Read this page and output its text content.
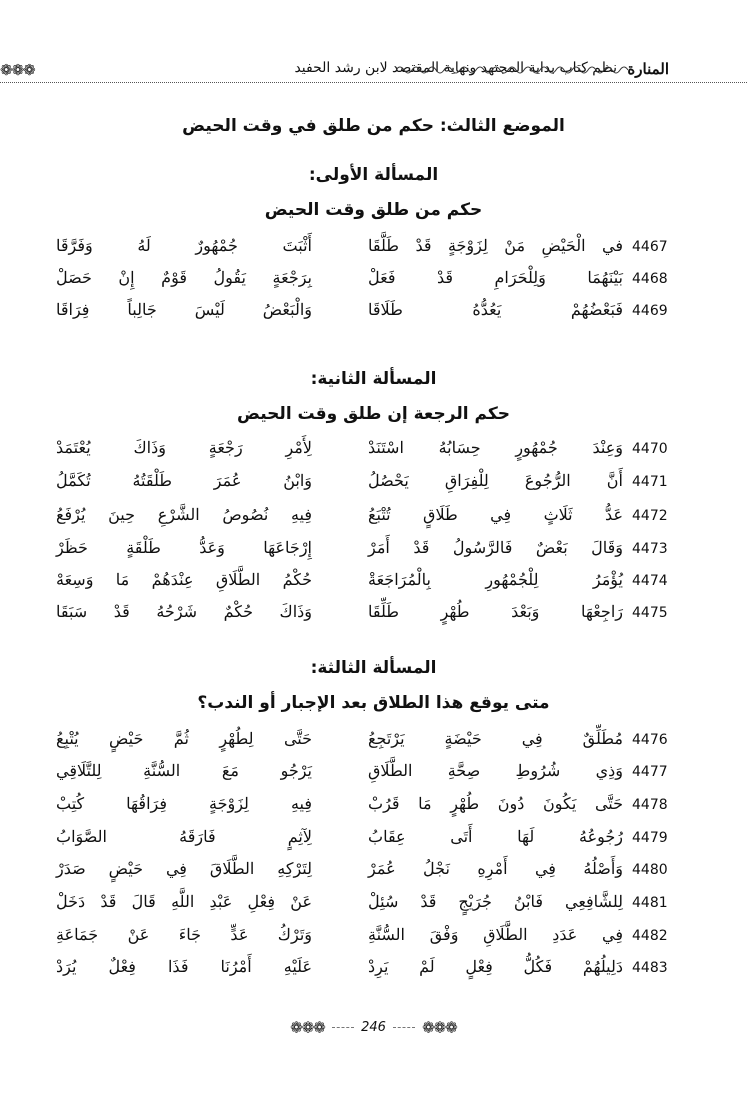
المنارة
نظم كتاب بداية المجتهد ونهاية المقتصد لابن رشد الحفيد
❁❁❁
الموضع الثالث: حكم من طلق في وقت الحيض
المسألة الأولى:
حكم من طلق وقت الحيض
4467
في الْحَيْضِ مَنْ لِزَوْجَةٍ قَدْ طَلَّقَا
أَثْبَتَ جُمْهُورٌ لَهُ وَفَرَّقَا
4468
بَيْنَهُمَا وَلِلْحَرَامِ قَدْ فَعَلْ
بِرَجْعَةٍ يَقُولُ قَوْمٌ إِنْ حَصَلْ
4469
فَبَعْضُهُمْ يَعُدُّهُ طَلَاقَا
وَالْبَعْضُ لَيْسَ جَالِباً فِرَاقَا
المسألة الثانية:
حكم الرجعة إن طلق وقت الحيض
4470
وَعِنْدَ جُمْهُورٍ حِسَابُهُ اسْتَنَدْ
لِأَمْرِ رَجْعَةٍ وَذَاكَ يُعْتَمَدْ
4471
أَنَّ الرُّجُوعَ لِلْفِرَاقِ يَحْصُلُ
وَابْنُ عُمَرَ طَلْقَتُهُ تُكَمَّلُ
4472
عَدُّ ثَلَاثٍ فِي طَلَاقٍ تُتْبَعُ
فِيهِ نُصُوصُ الشَّرْعِ حِينَ يُرْفَعُ
4473
وَقَالَ بَعْضٌ فَالرَّسُولُ قَدْ أَمَرْ
إِرْجَاعَهَا وَعَدُّ طَلْقَةٍ حَظَرْ
4474
يُؤْمَرُ لِلْجُمْهُورِ بِالْمُرَاجَعَةْ
حُكْمُ الطَّلَاقِ عِنْدَهُمْ مَا وَسِعَهْ
4475
رَاجِعْهَا وَبَعْدَ طُهْرٍ طَلِّقَا
وَذَاكَ حُكْمٌ شَرْحُهُ قَدْ سَبَقَا
المسألة الثالثة:
متى يوقع هذا الطلاق بعد الإجبار أو الندب؟
4476
مُطَلِّقٌ فِي حَيْضَةٍ يَرْتَجِعُ
حَتَّى لِطُهْرٍ ثُمَّ حَيْضٍ يُتْبِعُ
4477
وَذِي شُرُوطِ صِحَّةِ الطَّلَاقِ
يَرْجُو مَعَ السُّنَّةِ لِلتَّلَاقِي
4478
حَتَّى يَكُونَ دُونَ طُهْرٍ مَا قَرُبْ
فِيهِ لِزَوْجَةٍ فِرَاقُهَا كُتِبْ
4479
رُجُوعُهُ لَهَا أَتَى عِقَابُ
لِآثِمٍ فَارَقَهُ الصَّوَابُ
4480
وَأَصْلُهُ فِي أَمْرِهِ نَجْلُ عُمَرْ
لِتَرْكِهِ الطَّلَاقَ فِي حَيْضٍ صَدَرْ
4481
لِلشَّافِعِي فَابْنُ جُرَيْجٍ قَدْ سُئِلْ
عَنْ فِعْلِ عَبْدِ اللَّهِ قَالَ قَدْ دَخَلْ
4482
فِي عَدَدِ الطَّلَاقِ وَفْقَ السُّنَّةِ
وَتَرْكُ عَدٍّ جَاءَ عَنْ جَمَاعَةِ
4483
دَلِيلُهُمْ فَكُلُّ فِعْلٍ لَمْ يَرِدْ
عَلَيْهِ أَمْرُنَا فَذَا فِعْلٌ يُرَدْ
❁❁❁	246 ❁❁❁
